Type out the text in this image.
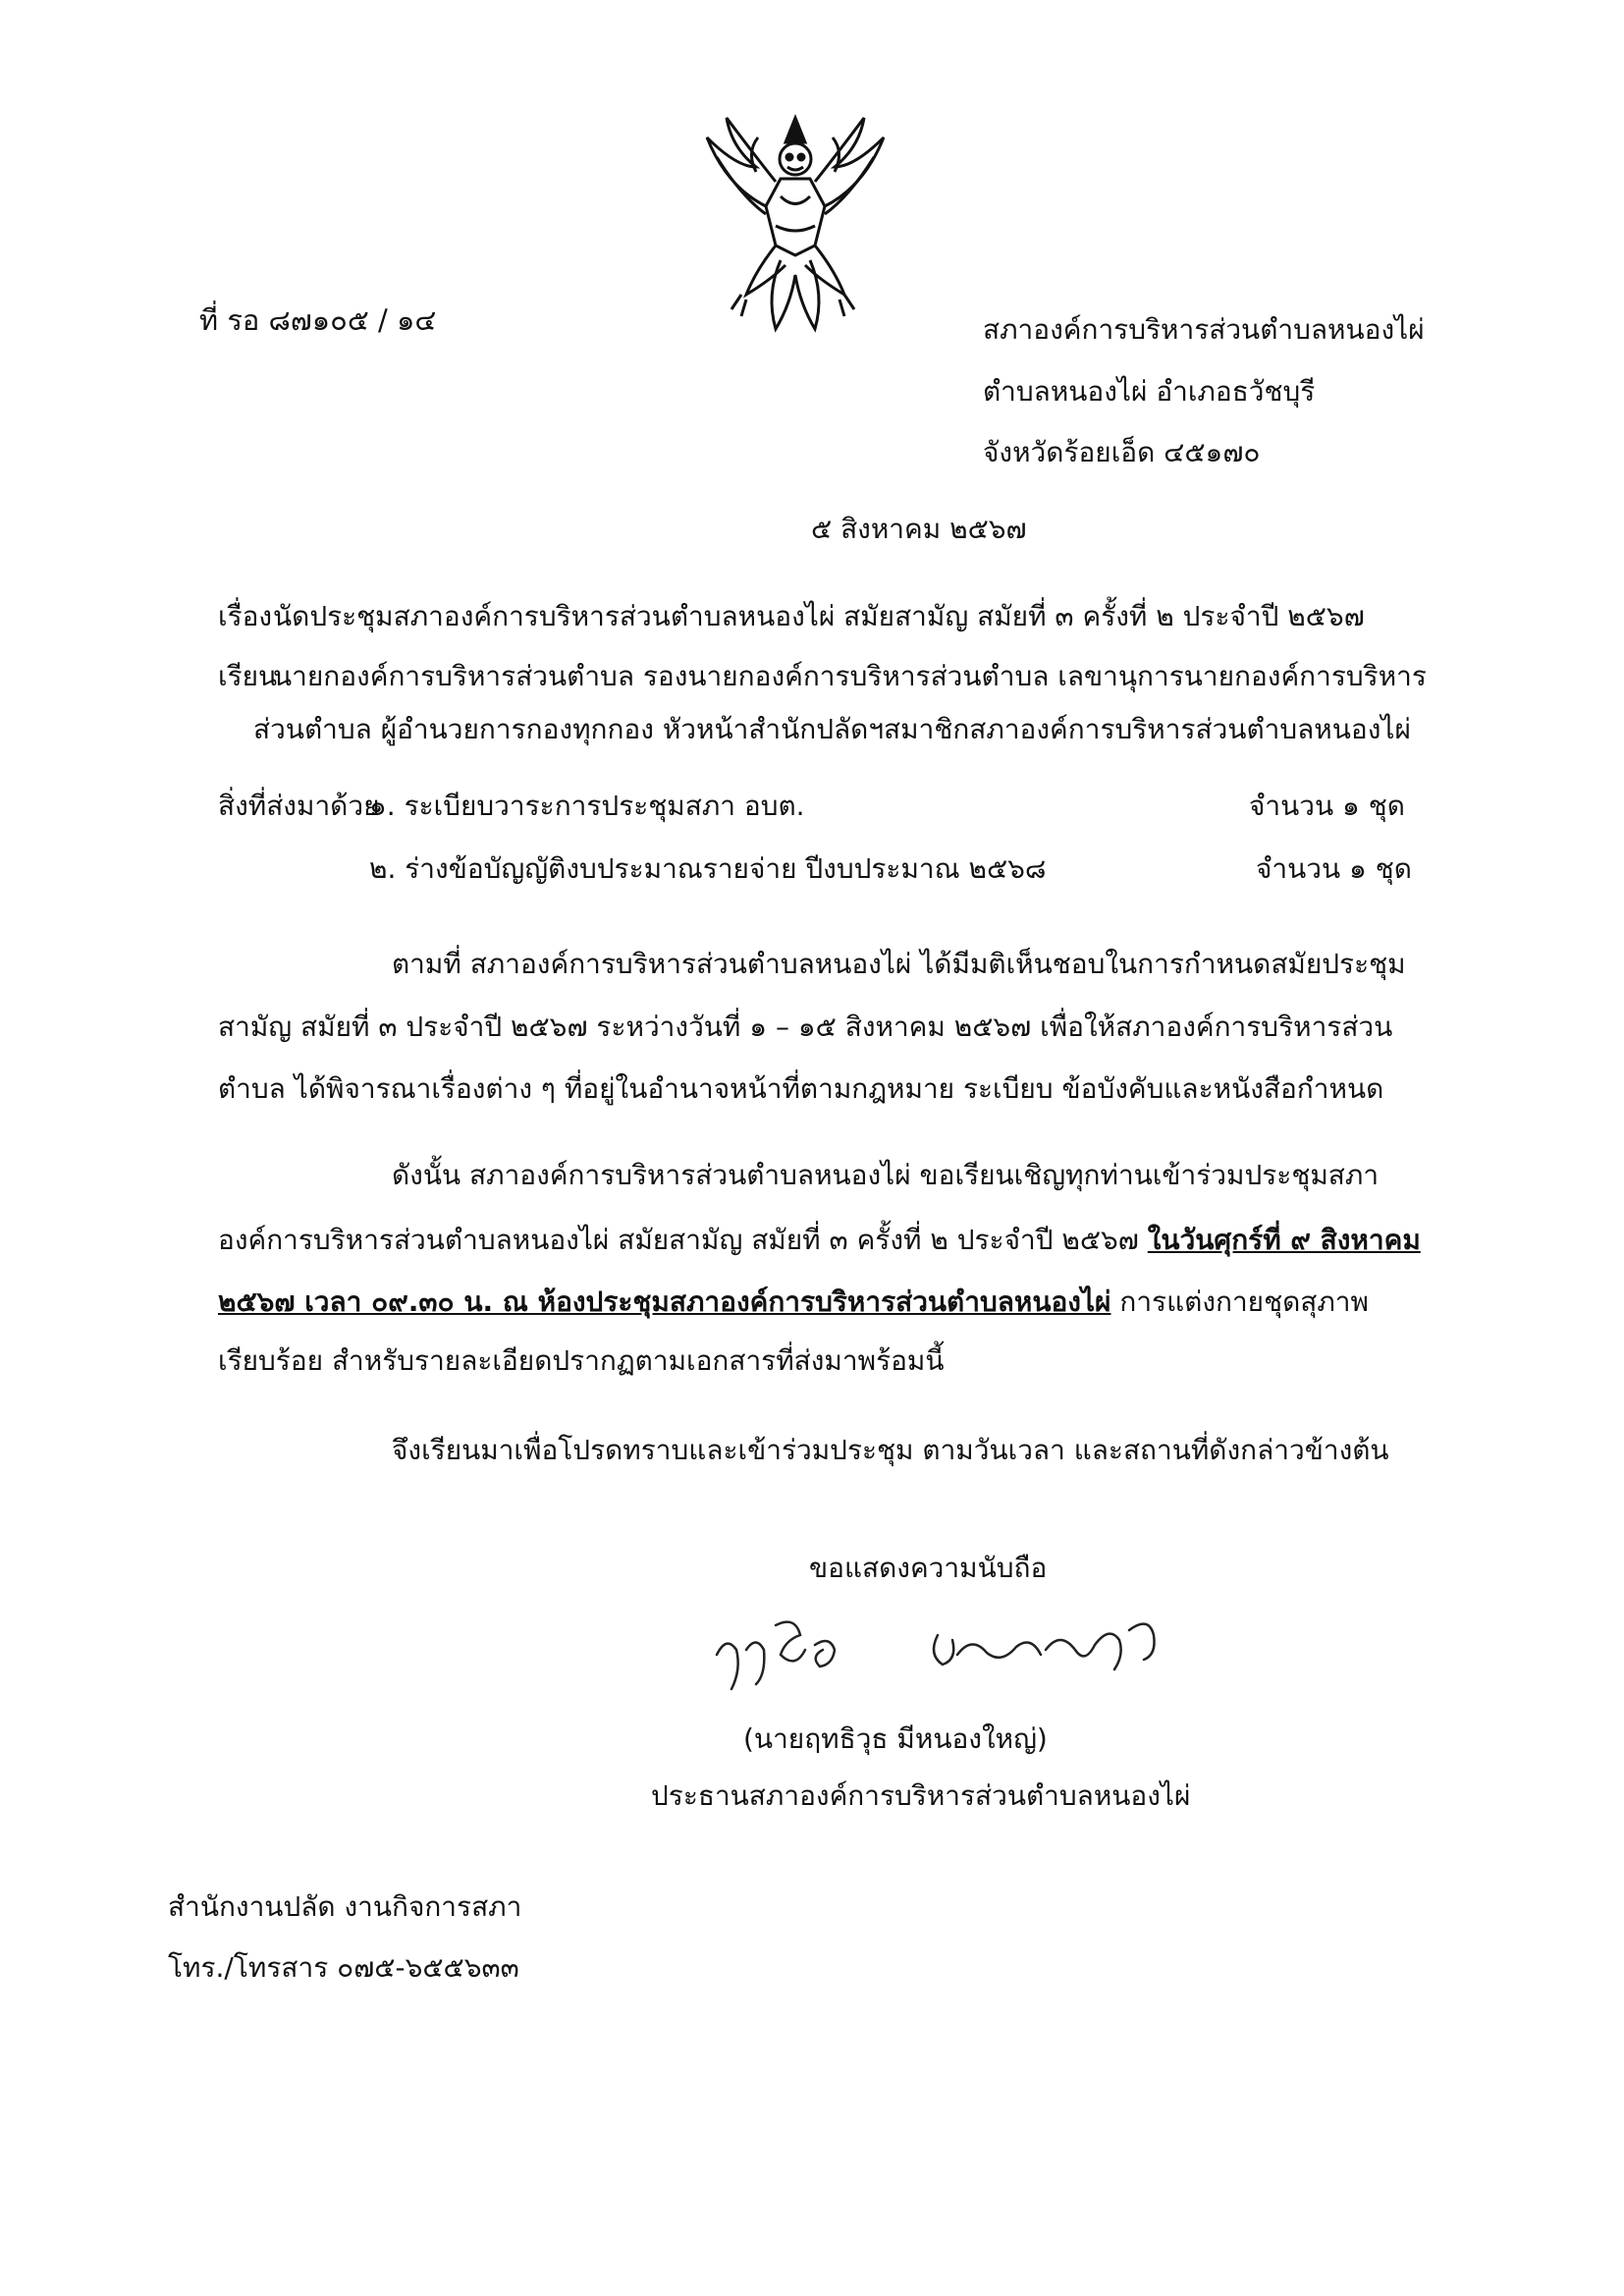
ที่ รอ ๘๗๑๐๕ / ๑๔	สภาองค์การบริหารส่วนตำบลหนองไผ่
ตำบลหนองไผ่ อำเภอธวัชบุรี
จังหวัดร้อยเอ็ด ๔๕๑๗๐
๕ สิงหาคม ๒๕๖๗
เรื่อง นัดประชุมสภาองค์การบริหารส่วนตำบลหนองไผ่ สมัยสามัญ สมัยที่ ๓ ครั้งที่ ๒ ประจำปี ๒๕๖๗
เรียน
นายกองค์การบริหารส่วนตำบล รองนายกองค์การบริหารส่วนตำบล เลขานุการนายกองค์การบริหาร
ส่วนตำบล ผู้อำนวยการกองทุกกอง หัวหน้าสำนักปลัดฯสมาชิกสภาองค์การบริหารส่วนตำบลหนองไผ่
สิ่งที่ส่งมาด้วย
๑. ระเบียบวาระการประชุมสภา อบต.	จำนวน ๑ ชุด
๒. ร่างข้อบัญญัติงบประมาณรายจ่าย ปีงบประมาณ ๒๕๖๘	จำนวน ๑ ชุด
ตามที่ สภาองค์การบริหารส่วนตำบลหนองไผ่ ได้มีมติเห็นชอบในการกำหนดสมัยประชุม
สามัญ สมัยที่ ๓ ประจำปี ๒๕๖๗ ระหว่างวันที่ ๑ – ๑๕ สิงหาคม ๒๕๖๗ เพื่อให้สภาองค์การบริหารส่วน
ตำบล ได้พิจารณาเรื่องต่าง ๆ ที่อยู่ในอำนาจหน้าที่ตามกฎหมาย ระเบียบ ข้อบังคับและหนังสือกำหนด
ดังนั้น สภาองค์การบริหารส่วนตำบลหนองไผ่ ขอเรียนเชิญทุกท่านเข้าร่วมประชุมสภา
องค์การบริหารส่วนตำบลหนองไผ่ สมัยสามัญ สมัยที่ ๓ ครั้งที่ ๒ ประจำปี ๒๕๖๗ ในวันศุกร์ที่ ๙ สิงหาคม
๒๕๖๗ เวลา ๐๙.๓๐ น. ณ ห้องประชุมสภาองค์การบริหารส่วนตำบลหนองไผ่ การแต่งกายชุดสุภาพ
เรียบร้อย สำหรับรายละเอียดปรากฏตามเอกสารที่ส่งมาพร้อมนี้
จึงเรียนมาเพื่อโปรดทราบและเข้าร่วมประชุม ตามวันเวลา และสถานที่ดังกล่าวข้างต้น
ขอแสดงความนับถือ
(นายฤทธิวุธ มีหนองใหญ่)
ประธานสภาองค์การบริหารส่วนตำบลหนองไผ่
สำนักงานปลัด งานกิจการสภา
โทร./โทรสาร ๐๗๕-๖๕๕๖๓๓
